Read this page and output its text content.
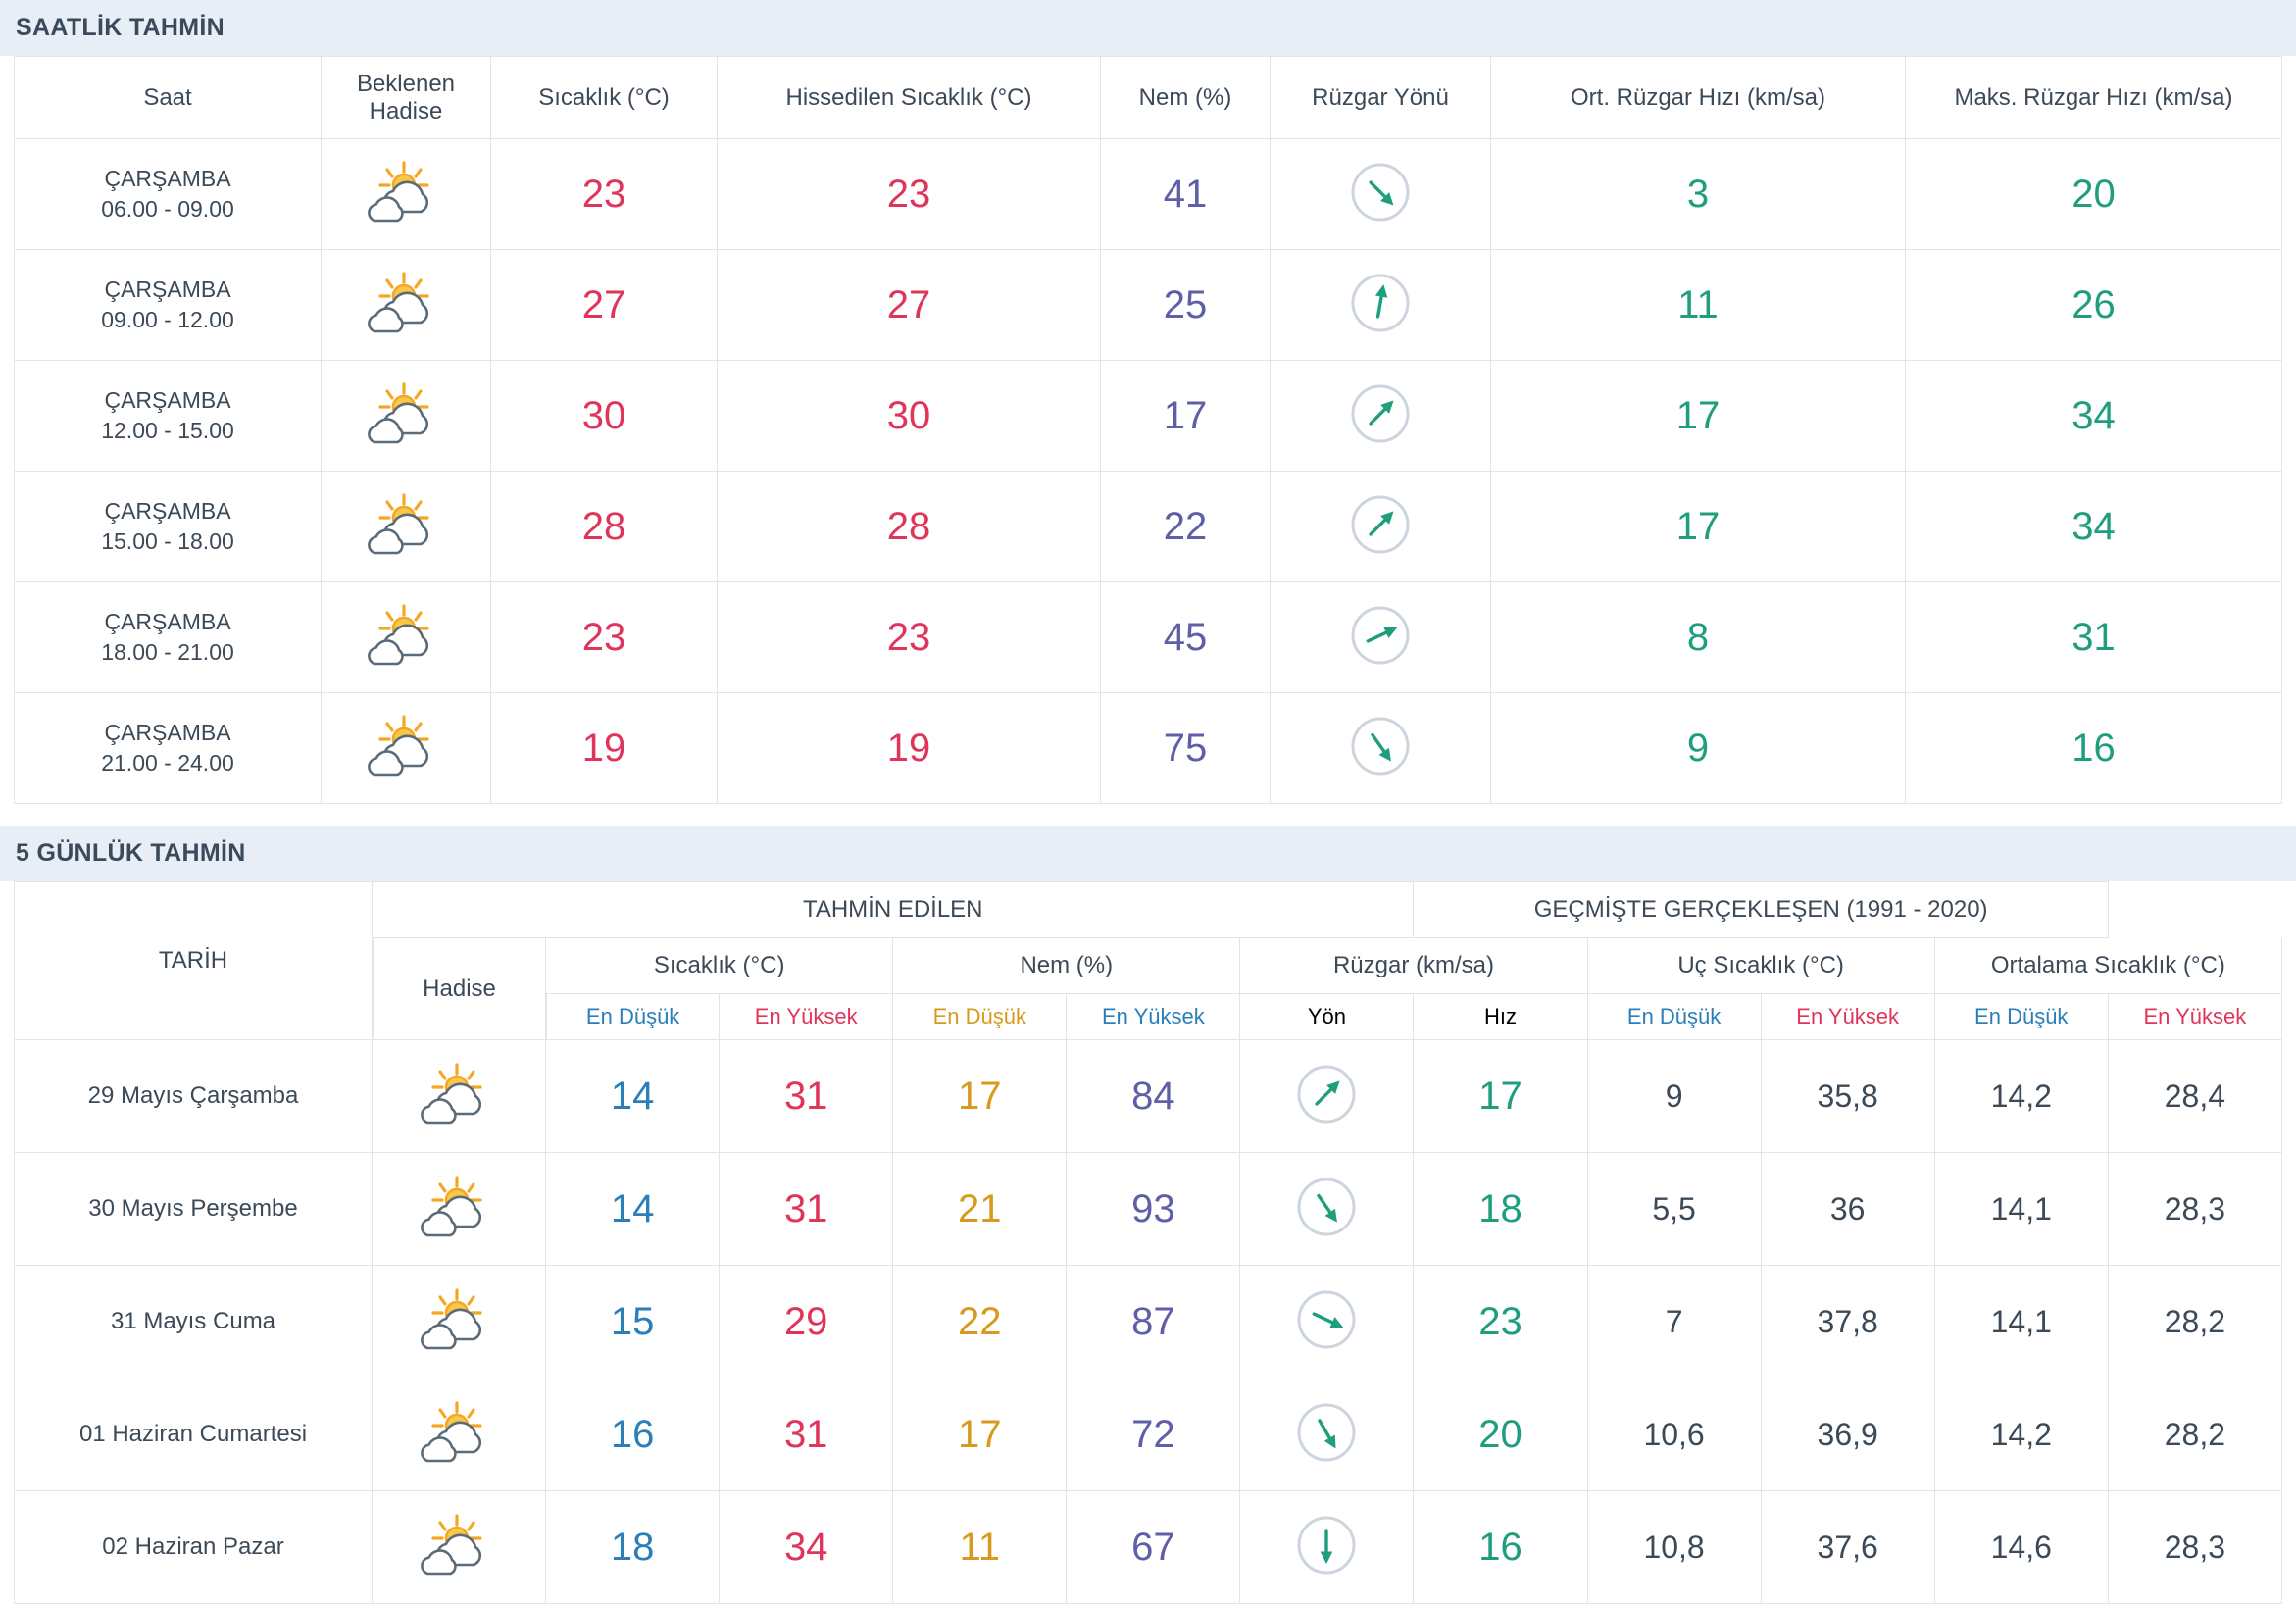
SAATLİK TAHMİN
Saat	Beklenen
Hadise	Sıcaklık (°C)	Hissedilen Sıcaklık (°C)	Nem (%)	Rüzgar Yönü	Ort. Rüzgar Hızı (km/sa)	Maks. Rüzgar Hızı (km/sa)

ÇARŞAMBA
06.00 - 09.00		23	23	41		3	20

ÇARŞAMBA
09.00 - 12.00		27	27	25		11	26

ÇARŞAMBA
12.00 - 15.00		30	30	17		17	34

ÇARŞAMBA
15.00 - 18.00		28	28	22		17	34

ÇARŞAMBA
18.00 - 21.00		23	23	45		8	31

ÇARŞAMBA
21.00 - 24.00		19	19	75		9	16
5 GÜNLÜK TAHMİN
TARİH	TAHMİN EDİLEN						GEÇMİŞTE GERÇEKLEŞEN (1991 - 2020)				
	Hadise	Sıcaklık (°C)		Nem (%)		Rüzgar (km/sa)		Uç Sıcaklık (°C)		Ortalama Sıcaklık (°C)	
		En Düşük	En Yüksek	En Düşük	En Yüksek	Yön	Hız	En Düşük	En Yüksek	En Düşük	En Yüksek
29 Mayıs Çarşamba		14	31	17	84		17	9	35,8	14,2	28,4
30 Mayıs Perşembe		14	31	21	93		18	5,5	36	14,1	28,3
31 Mayıs Cuma		15	29	22	87		23	7	37,8	14,1	28,2
01 Haziran Cumartesi		16	31	17	72		20	10,6	36,9	14,2	28,2
02 Haziran Pazar		18	34	11	67		16	10,8	37,6	14,6	28,3
